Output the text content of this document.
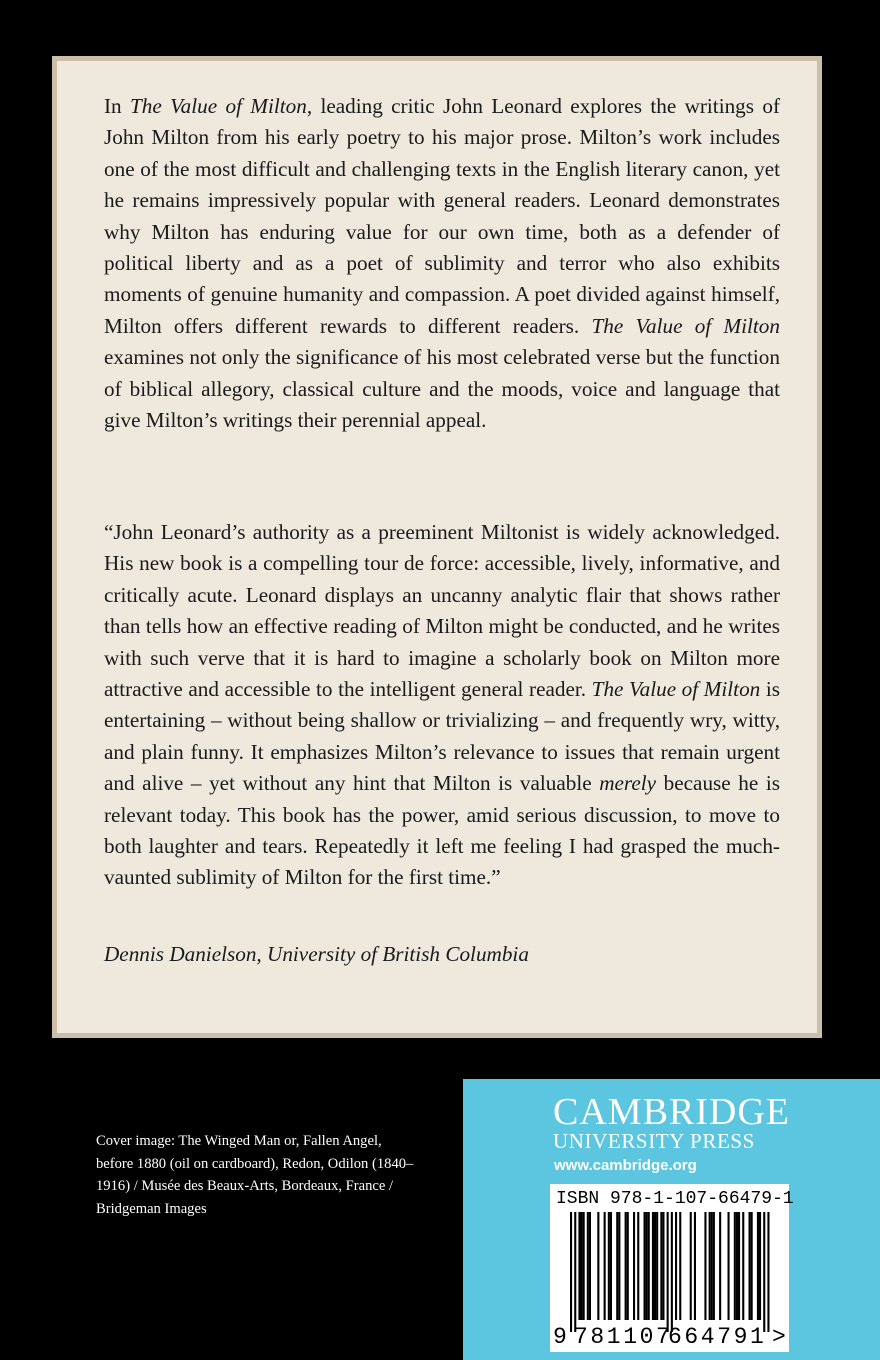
In The Value of Milton, leading critic John Leonard explores the writings of John Milton from his early poetry to his major prose. Milton’s work includes one of the most difficult and challenging texts in the English literary canon, yet he remains impressively popular with general readers. Leonard demonstrates why Milton has enduring value for our own time, both as a defender of political liberty and as a poet of sublimity and terror who also exhibits moments of genuine humanity and compassion. A poet divided against himself, Milton offers different rewards to different readers. The Value of Milton examines not only the significance of his most celebrated verse but the function of biblical allegory, classical culture and the moods, voice and language that give Milton’s writings their perennial appeal.

“John Leonard’s authority as a preeminent Miltonist is widely acknowledged. His new book is a compelling tour de force: accessible, lively, informative, and critically acute. Leonard displays an uncanny analytic flair that shows rather than tells how an effective reading of Milton might be conducted, and he writes with such verve that it is hard to imagine a scholarly book on Milton more attractive and accessible to the intelligent general reader. The Value of Milton is entertaining – without being shallow or trivializing – and frequently wry, witty, and plain funny. It emphasizes Milton’s relevance to issues that remain urgent and alive – yet without any hint that Milton is valuable merely because he is relevant today. This book has the power, amid serious discussion, to move to both laughter and tears. Repeatedly it left me feeling I had grasped the much-vaunted sublimity of Milton for the first time.”

Dennis Danielson, University of British Columbia

Cover image: The Winged Man or, Fallen Angel, before 1880 (oil on cardboard), Redon, Odilon (1840–1916) / Musée des Beaux-Arts, Bordeaux, France / Bridgeman Images

CAMBRIDGE
UNIVERSITY PRESS
www.cambridge.org
ISBN 978-1-107-66479-1
9 781107
664791 >
